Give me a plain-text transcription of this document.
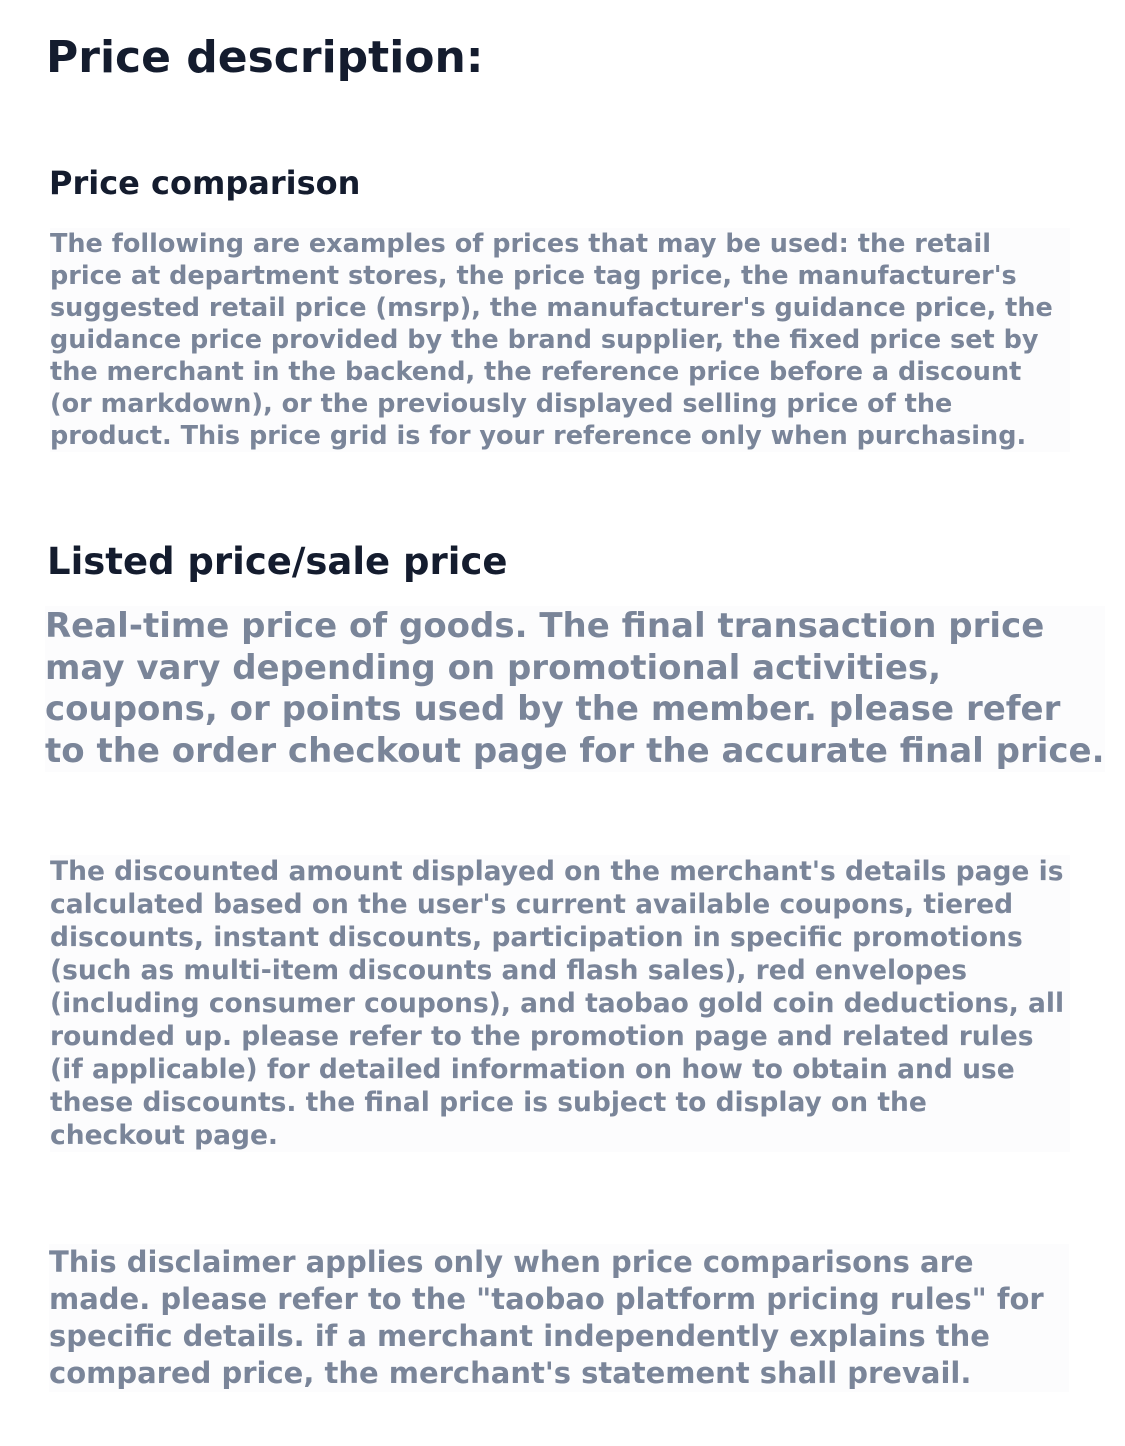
Price description:
Price comparison

The following are examples of prices that may be used: the retail price at department stores, the price tag price, the manufacturer's suggested retail price (msrp), the manufacturer's guidance price, the guidance price provided by the brand supplier, the fixed price set by the merchant in the backend, the reference price before a discount (or markdown), or the previously displayed selling price of the product. This price grid is for your reference only when purchasing.

Listed price/sale price

Real-time price of goods. The final transaction price may vary depending on promotional activities, coupons, or points used by the member. please refer to the order checkout page for the accurate final price.

The discounted amount displayed on the merchant's details page is calculated based on the user's current available coupons, tiered discounts, instant discounts, participation in specific promotions (such as multi-item discounts and flash sales), red envelopes (including consumer coupons), and taobao gold coin deductions, all rounded up. please refer to the promotion page and related rules (if applicable) for detailed information on how to obtain and use these discounts. the final price is subject to display on the checkout page.

This disclaimer applies only when price comparisons are made. please refer to the "taobao platform pricing rules" for specific details. if a merchant independently explains the compared price, the merchant's statement shall prevail.
